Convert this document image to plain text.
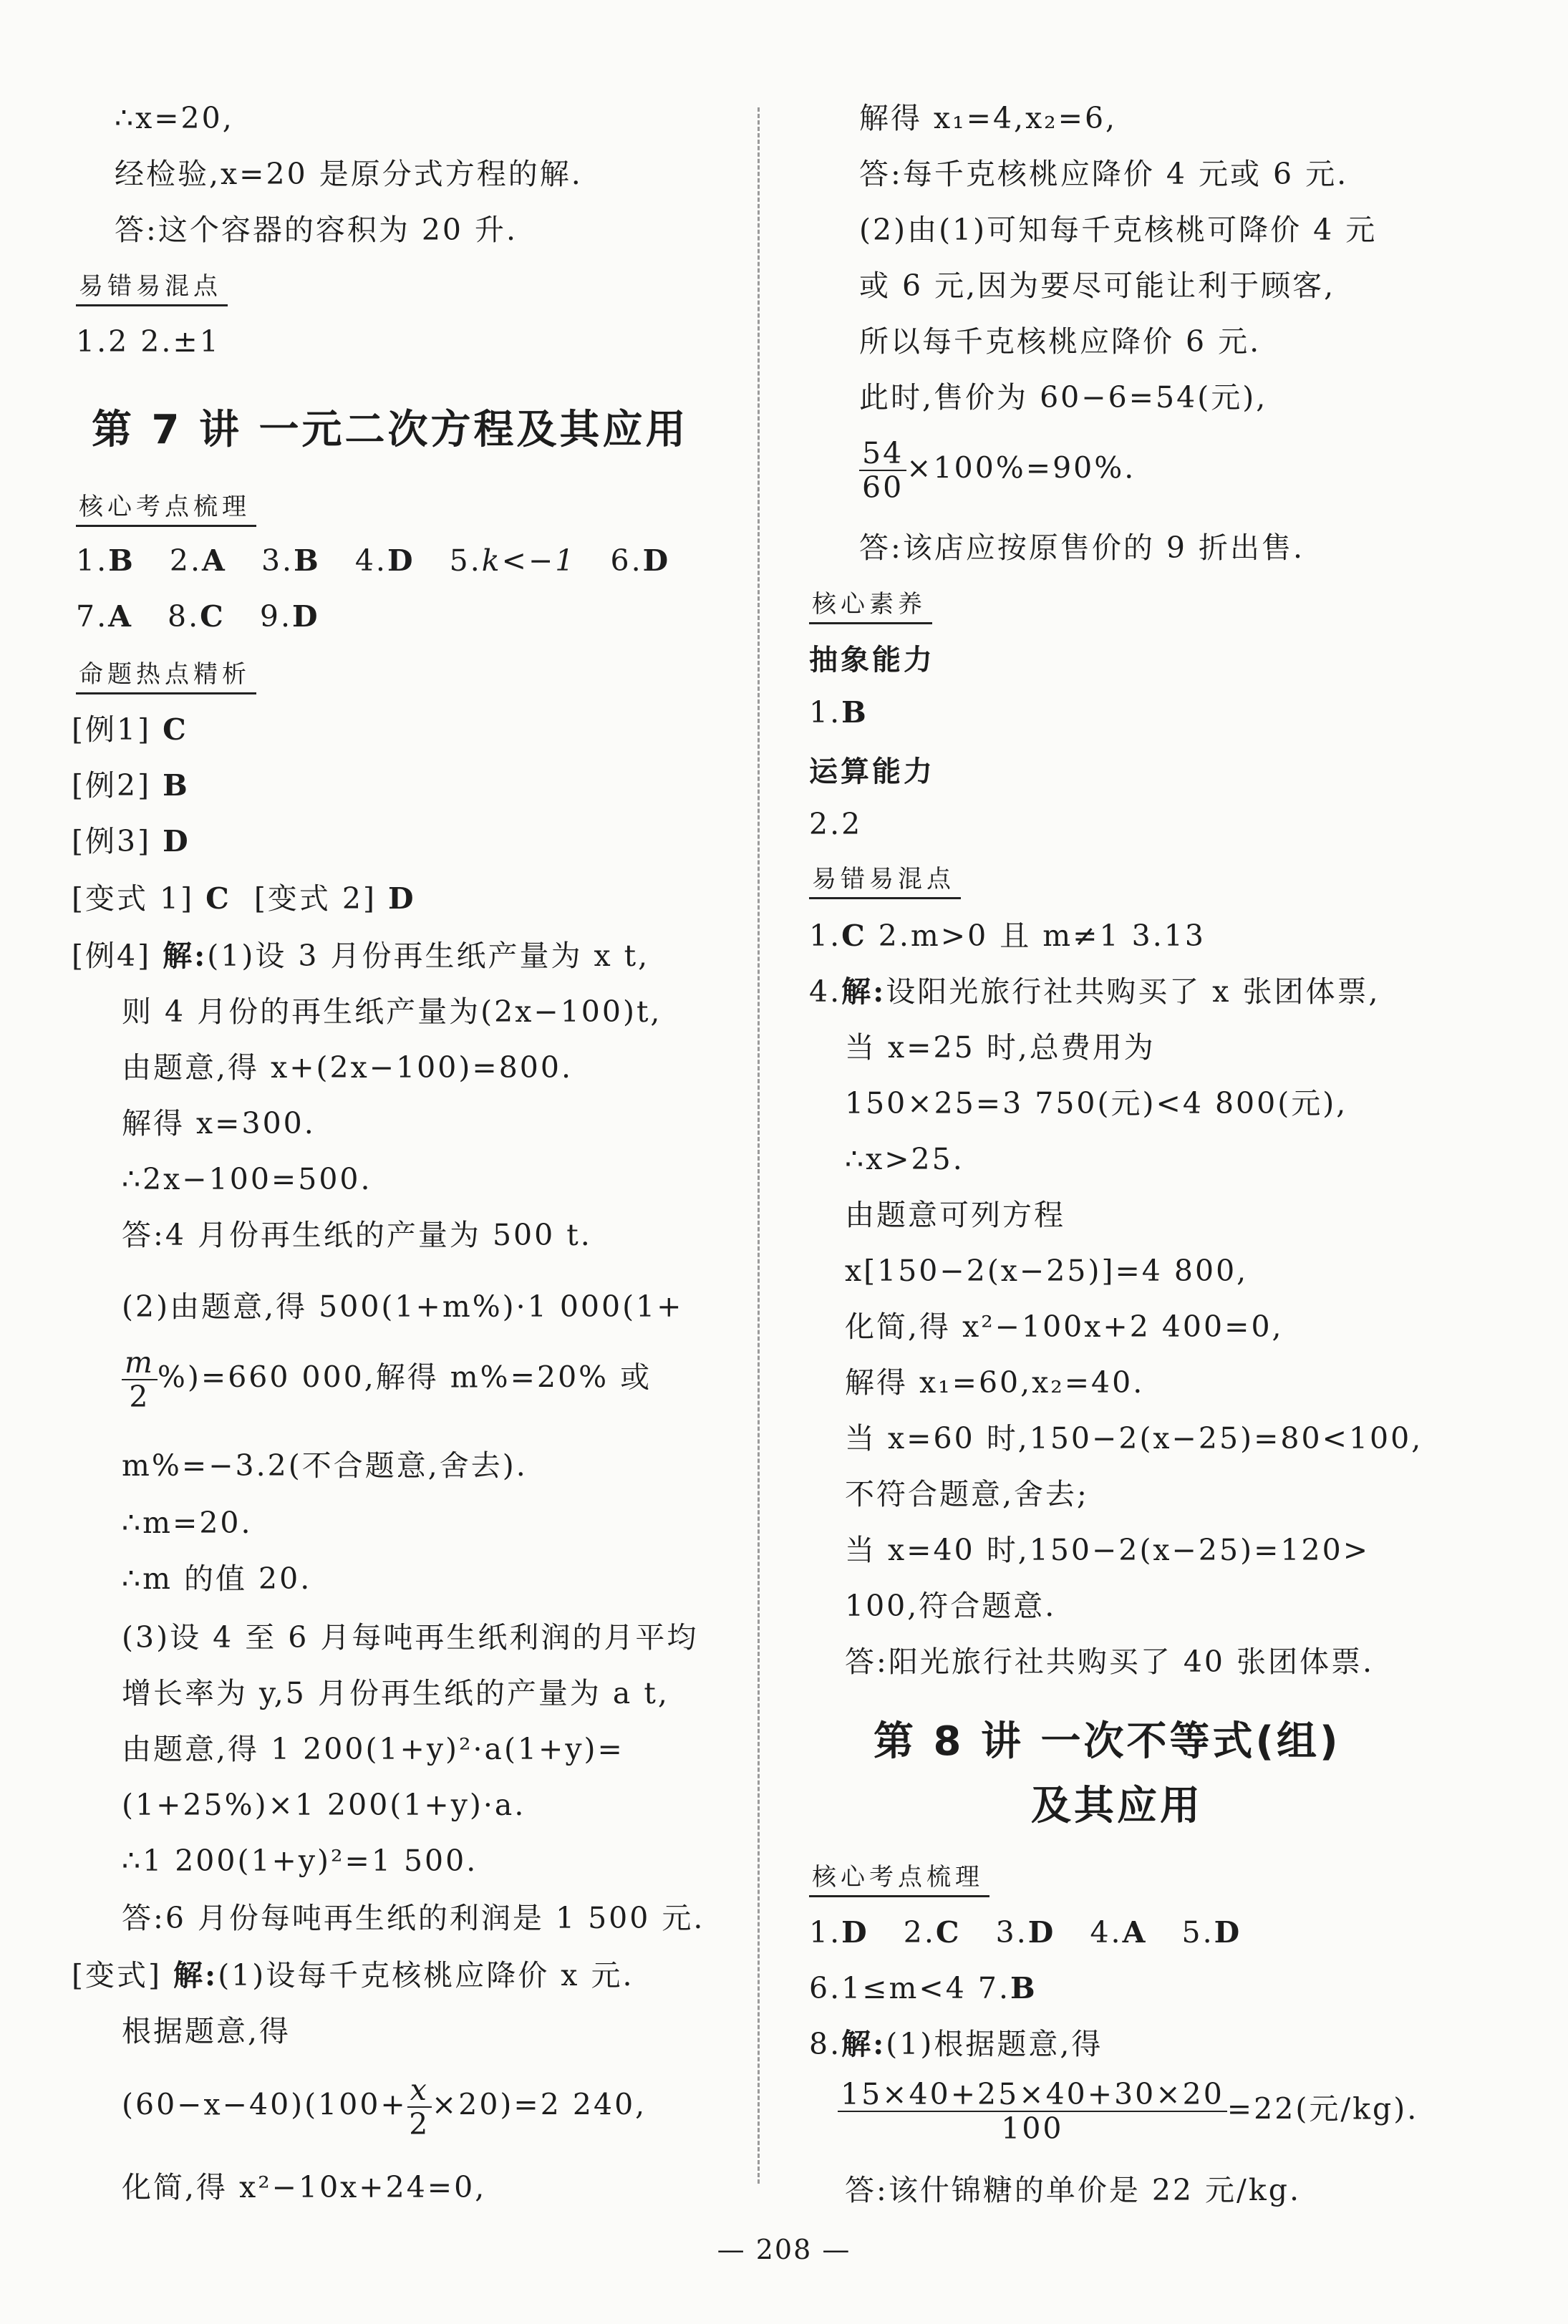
∴x=20,
经检验,x=20 是原分式方程的解.
答:这个容器的容积为 20 升.
易错易混点
1.2 2.±1
第 7 讲 一元二次方程及其应用
核心考点梳理
1.B 2.A 3.B 4.D 5.k<−1 6.D
7.A 8.C 9.D
命题热点精析
[例1] C
[例2] B
[例3] D
[变式 1] C [变式 2] D
[例4] 解:(1)设 3 月份再生纸产量为 x t,
则 4 月份的再生纸产量为(2x−100)t,
由题意,得 x+(2x−100)=800.
解得 x=300.
∴2x−100=500.
答:4 月份再生纸的产量为 500 t.
(2)由题意,得 500(1+m%)·1 000(1+
$\frac{m}{2} \%)=660$ 000,解得 m%=20% 或
m%=−3.2(不合题意,舍去).
∴m=20.
∴m 的值 20.
(3)设 4 至 6 月每吨再生纸利润的月平均
增长率为 y,5 月份再生纸的产量为 a t,
由题意,得 1 200(1+y)²·a(1+y)=
(1+25%)×1 200(1+y)·a.
∴1 200(1+y)²=1 500.
答:6 月份每吨再生纸的利润是 1 500 元.
[变式] 解:(1)设每千克核桃应降价 x 元.
根据题意,得
$(60-x-40)(100+ \frac{x}{2} \times 20)=2$ 240,
化简,得 x²−10x+24=0,
解得 x₁=4,x₂=6,
答:每千克核桃应降价 4 元或 6 元.
(2)由(1)可知每千克核桃可降价 4 元
或 6 元,因为要尽可能让利于顾客,
所以每千克核桃应降价 6 元.
此时,售价为 60−6=54(元),
$\frac{54}{60} \times 100\%=90\%$.
答:该店应按原售价的 9 折出售.
核心素养
抽象能力
1.B
运算能力
2.2
易错易混点
1.C 2.m>0 且 m≠1 3.13
4.解:设阳光旅行社共购买了 x 张团体票,
当 x=25 时,总费用为
150×25=3 750(元)<4 800(元),
∴x>25.
由题意可列方程
x[150−2(x−25)]=4 800,
化简,得 x²−100x+2 400=0,
解得 x₁=60,x₂=40.
当 x=60 时,150−2(x−25)=80<100,
不符合题意,舍去;
当 x=40 时,150−2(x−25)=120>
100,符合题意.
答:阳光旅行社共购买了 40 张团体票.
第 8 讲 一次不等式(组)
及其应用
核心考点梳理
1.D 2.C 3.D 4.A 5.D
6.1≤m<4 7.B
8.解:(1)根据题意,得
$\frac{15\times 40+25\times 40+30\times 20}{100} =22$(元/kg).
答:该什锦糖的单价是 22 元/kg.
— 208 —
